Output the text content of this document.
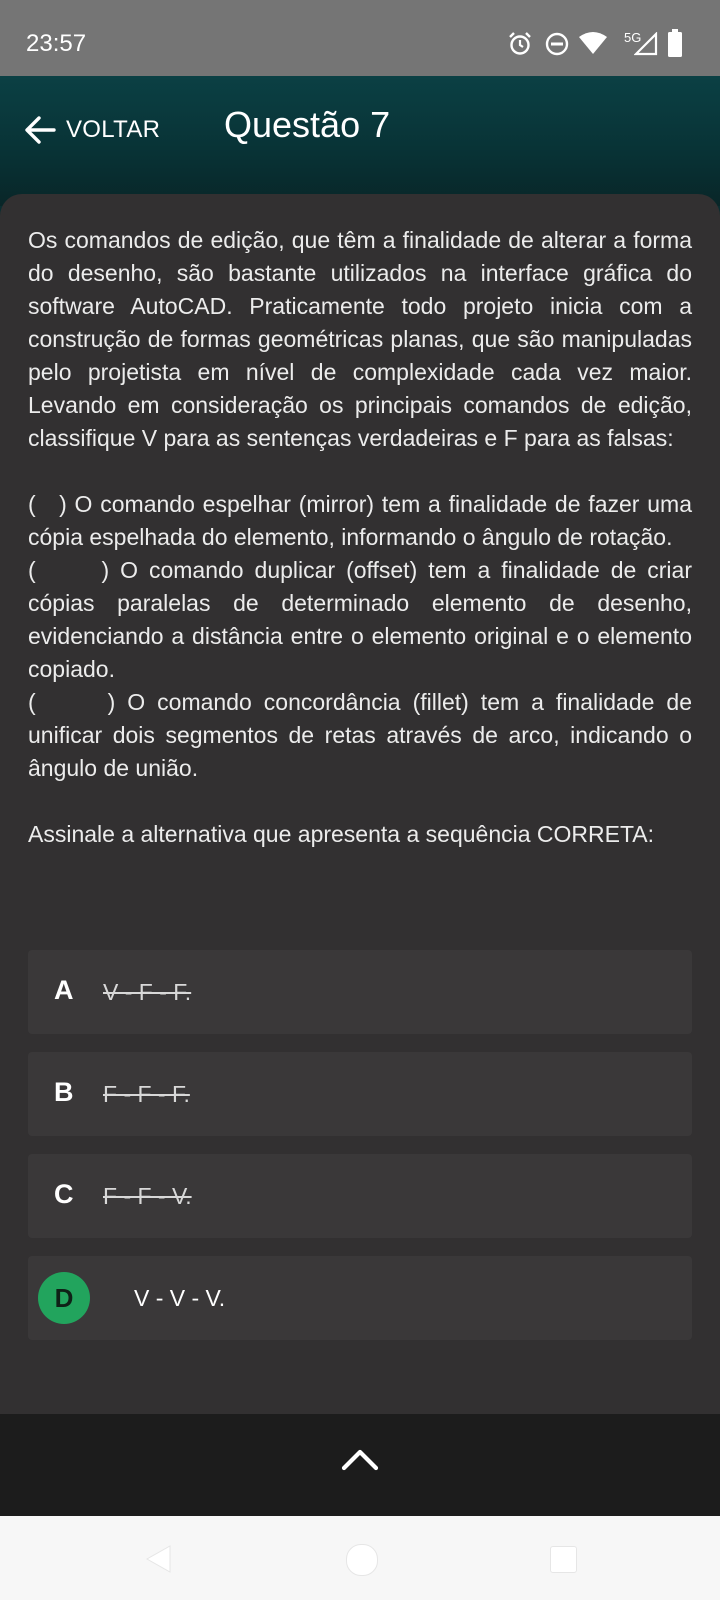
23:57	5G
VOLTAR Questão 7

Os comandos de edição, que têm a finalidade de alterar a forma do desenho, são bastante utilizados na interface gráfica do software AutoCAD. Praticamente todo projeto inicia com a construção de formas geométricas planas, que são manipuladas pelo projetista em nível de complexidade cada vez maior. Levando em consideração os principais comandos de edição, classifique V para as sentenças verdadeiras e F para as falsas:

(   ) O comando espelhar (mirror) tem a finalidade de fazer uma cópia espelhada do elemento, informando o ângulo de rotação.

(      ) O comando duplicar (offset) tem a finalidade de criar cópias paralelas de determinado elemento de desenho, evidenciando a distância entre o elemento original e o elemento copiado.

(      ) O comando concordância (fillet) tem a finalidade de unificar dois segmentos de retas através de arco, indicando o ângulo de união.

Assinale a alternativa que apresenta a sequência CORRETA:

A V - F - F.
B F - F - F.
C F - F - V.
D	V - V - V.
